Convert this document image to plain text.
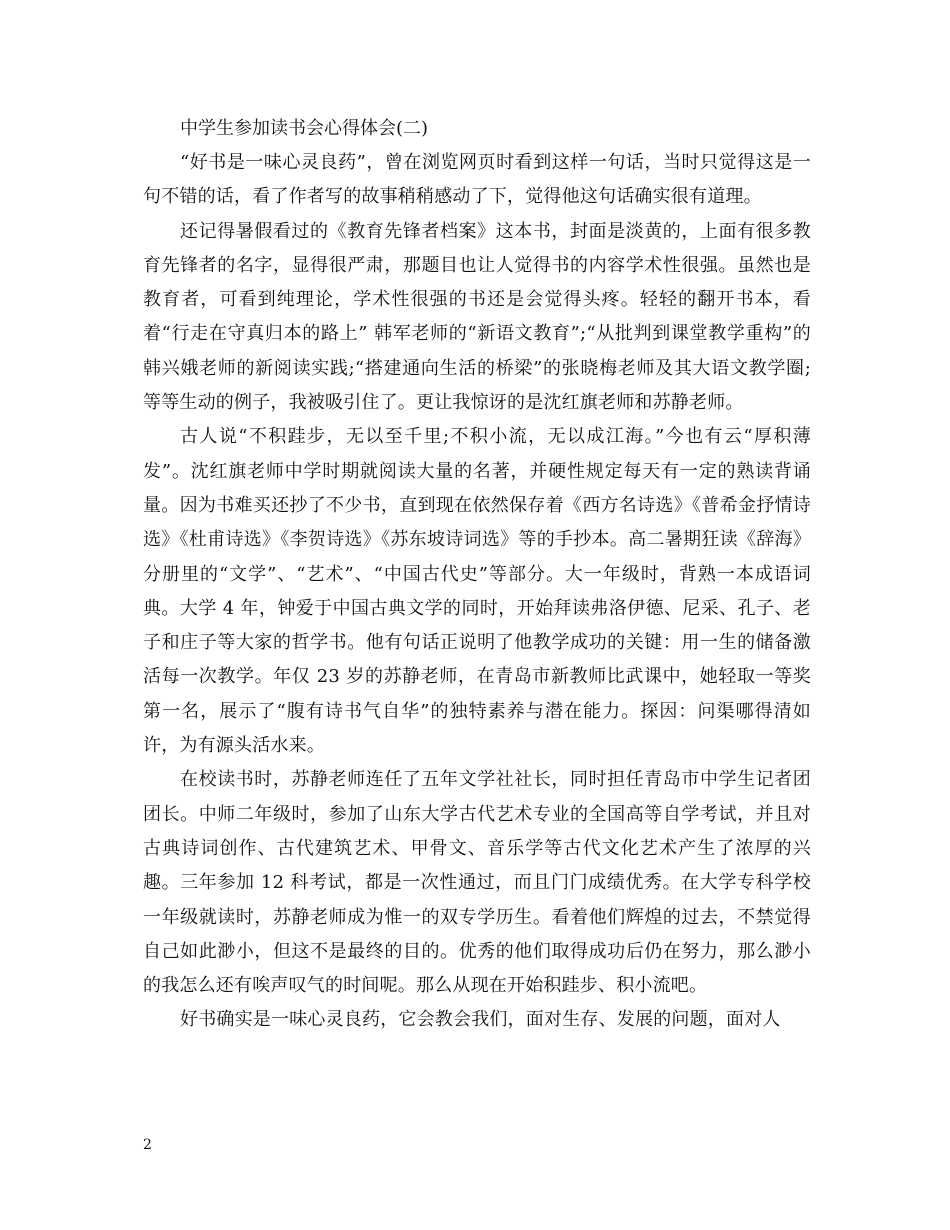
中学生参加读书会心得体会(二)

“好书是一味心灵良药”，曾在浏览网页时看到这样一句话，当时只觉得这是一句不错的话，看了作者写的故事稍稍感动了下，觉得他这句话确实很有道理。

还记得暑假看过的《教育先锋者档案》这本书，封面是淡黄的，上面有很多教育先锋者的名字，显得很严肃，那题目也让人觉得书的内容学术性很强。虽然也是教育者，可看到纯理论，学术性很强的书还是会觉得头疼。轻轻的翻开书本，看着“行走在守真归本的路上” 韩军老师的“新语文教育”;“从批判到课堂教学重构”的韩兴娥老师的新阅读实践;“搭建通向生活的桥梁”的张晓梅老师及其大语文教学圈;等等生动的例子，我被吸引住了。更让我惊讶的是沈红旗老师和苏静老师。

古人说“不积跬步，无以至千里;不积小流，无以成江海。”今也有云“厚积薄发”。沈红旗老师中学时期就阅读大量的名著，并硬性规定每天有一定的熟读背诵量。因为书难买还抄了不少书，直到现在依然保存着《西方名诗选》《普希金抒情诗选》《杜甫诗选》《李贺诗选》《苏东坡诗词选》等的手抄本。高二暑期狂读《辞海》分册里的“文学”、“艺术”、“中国古代史”等部分。大一年级时，背熟一本成语词典。大学 4 年，钟爱于中国古典文学的同时，开始拜读弗洛伊德、尼采、孔子、老子和庄子等大家的哲学书。他有句话正说明了他教学成功的关键：用一生的储备激活每一次教学。年仅 23 岁的苏静老师，在青岛市新教师比武课中，她轻取一等奖第一名，展示了“腹有诗书气自华”的独特素养与潜在能力。探因：问渠哪得清如许，为有源头活水来。

在校读书时，苏静老师连任了五年文学社社长，同时担任青岛市中学生记者团团长。中师二年级时，参加了山东大学古代艺术专业的全国高等自学考试，并且对古典诗词创作、古代建筑艺术、甲骨文、音乐学等古代文化艺术产生了浓厚的兴趣。三年参加 12 科考试，都是一次性通过，而且门门成绩优秀。在大学专科学校一年级就读时，苏静老师成为惟一的双专学历生。看着他们辉煌的过去，不禁觉得自己如此渺小，但这不是最终的目的。优秀的他们取得成功后仍在努力，那么渺小的我怎么还有唉声叹气的时间呢。那么从现在开始积跬步、积小流吧。

好书确实是一味心灵良药，它会教会我们，面对生存、发展的问题，面对人

2
